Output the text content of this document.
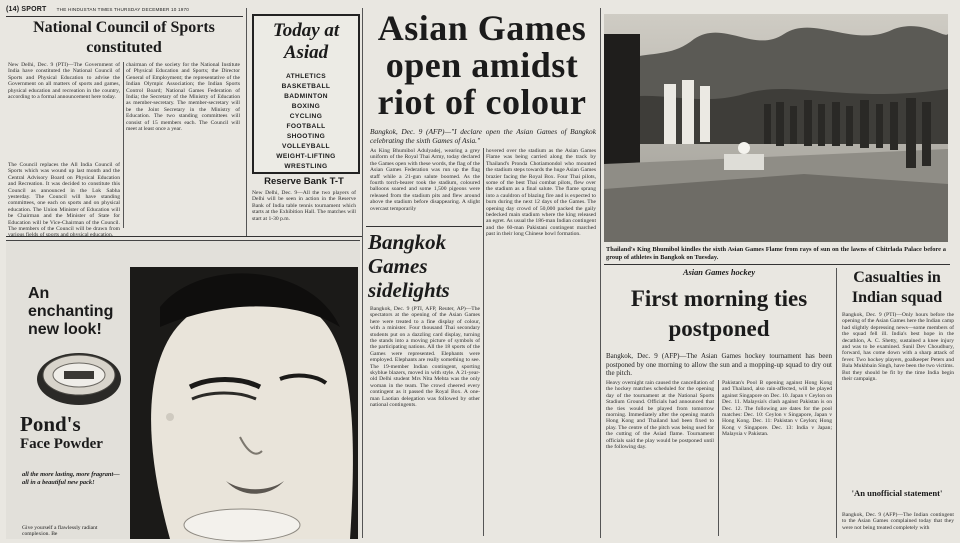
(14) SPORT THE HINDUSTAN TIMES THURSDAY DECEMBER 10 1970
National Council of Sports constituted
New Delhi, Dec. 9 (PTI)—The Government of India have constituted the National Council of Sports and Physical Education to advise the Government on all matters of sports and games, physical education and recreation in the country, according to a formal announcement here today.
The Council replaces the All India Council of Sports which was wound up last month and the Central Advisory Board on Physical Education and Recreation. It was decided to constitute this Council as announced in the Lok Sabha yesterday. The Council will have standing committees, one each on sports and on physical education. The Union Minister of Education will be Chairman and the Minister of State for Education will be Vice-Chairman of the Council. The members of the Council will be drawn from
chairman of the society for the National Institute of Physical Education and Sports; the Director General of Employment; the representative of the Indian Olympic Association; the Indian Sports Control Board; National Games Federation of India; the Secretary of the Ministry of Education as member-secretary. The member-secretary will be the Joint Secretary in the Ministry of Education. The two standing committees will consist of 15 members each. The Council will meet at least once a year.
Today at Asiad
ATHLETICS
BASKETBALL
BADMINTON
BOXING
CYCLING
FOOTBALL
SHOOTING
VOLLEYBALL
WEIGHT-LIFTING
WRESTLING
Reserve Bank T-T
New Delhi, Dec. 9—All the two players of Delhi will be seen in action in the Reserve Bank of India table tennis tournament which starts at the Exhibition Hall. The matches will start at 1-30 p.m.
Asian Games open amidst riot of colour
Bangkok, Dec. 9 (AFP)—"I declare open the Asian Games of Bangkok celebrating the sixth Games of Asia."
As King Bhumibol Adulyadej, wearing a grey uniform of the Royal Thai Army, today declared the Games open with these words, the flag of the Asian Games Federation was run up the flag staff while a 21-gun salute boomed. As the fourth torch-bearer took the stadium, coloured balloons soared and some 1,500 pigeons were released from the stadium pits and flew around above the stadium before disappearing. A slight overcast temporarily
hovered over the stadium as the Asian Games Flame was being carried along the track by Thailand's Pronda Chotiamondol who mounted the stadium steps towards the huge Asian Games brazier facing the Royal Box. Four Thai pilots, some of the best Thai combat pilots, flew over the stadium as a final salute. The flame sprang into a cauldron of blazing fire and is expected to burn during the next 12 days of the Games. The opening day crowd of 50,000 packed the gaily bedecked main stadium where the king released an egret. As usual the 186-man Indian contingent and the 60-man Pakistani contingent marched past in their long Chinese bowl formation.
Bangkok Games sidelights
Bangkok, Dec. 9 (PTI, AFP, Reuter, AP)—The spectators at the opening of the Asian Games here were treated to a fine display of colour, with a minister. Four thousand Thai secondary students put on a dazzling card display, turning the stands into a moving picture of symbols of the participating nations. All the 18 sports of the Games were represented. Elephants were employed. Elephants are really something to see. The 19-member Indian contingent, sporting skyblue blazers, moved in with style. A 21-year-old Delhi student Mrs Nita Mehta was the only woman in the team. The crowd cheered every contingent as it passed the Royal Box. A one-man Laotian delegation was followed by other national contingents.
Thailand's King Bhumibol kindles the sixth Asian Games Flame from rays of sun on the lawns of Chitrlada Palace before a group of athletes in Bangkok on Tuesday.
Asian Games hockey
First morning ties postponed
Bangkok, Dec. 9 (AFP)—The Asian Games hockey tournament has been postponed by one morning to allow the sun and a mopping-up squad to dry out the pitch.
Heavy overnight rain caused the cancellation of the hockey matches scheduled for the opening day of the tournament at the National Sports Stadium Ground. Officials had announced that the ties would be played from tomorrow morning. Immediately after the opening match Hong Kong and Thailand had been fixed to play. The centre of the pitch was being used for the cutting of the Asiad flame. Tournament officials said the play would be postponed until the following day.
Pakistan's Pool B opening against Hong Kong and Thailand, also rain-affected, will be played against Singapore on Dec. 10. Japan v Ceylon on Dec. 11. Malaysia's clash against Pakistan is on Dec. 12. The following are dates for the pool matches: Dec. 10: Ceylon v Singapore, Japan v Hong Kong. Dec. 11: Pakistan v Ceylon; Hong Kong v Singapore. Dec. 13: India v Japan; Malaysia v Pakistan.
Casualties in Indian squad
Bangkok, Dec. 9 (PTI)—Only hours before the opening of the Asian Games here the Indian camp had slightly depressing news—some members of the squad fell ill. India's best hope in the decathlon, A. C. Shetty, sustained a knee injury and was to be examined. Sunil Dev Choudhury, forward, has come down with a sharp attack of fever. Two hockey players, goalkeeper Peters and Bala Mukhbain Singh, have been the two victims. But they should be fit by the time India begin their campaign.
'An unofficial statement'
Bangkok, Dec. 9 (AFP)—The Indian contingent to the Asian Games complained today that they were not being treated completely with
An
enchanting
new look!
Pond's
Face Powder
all the more lasting, more fragrant—all in a beautiful new pack!
Give yourself a flawlessly radiant complexion. Be
